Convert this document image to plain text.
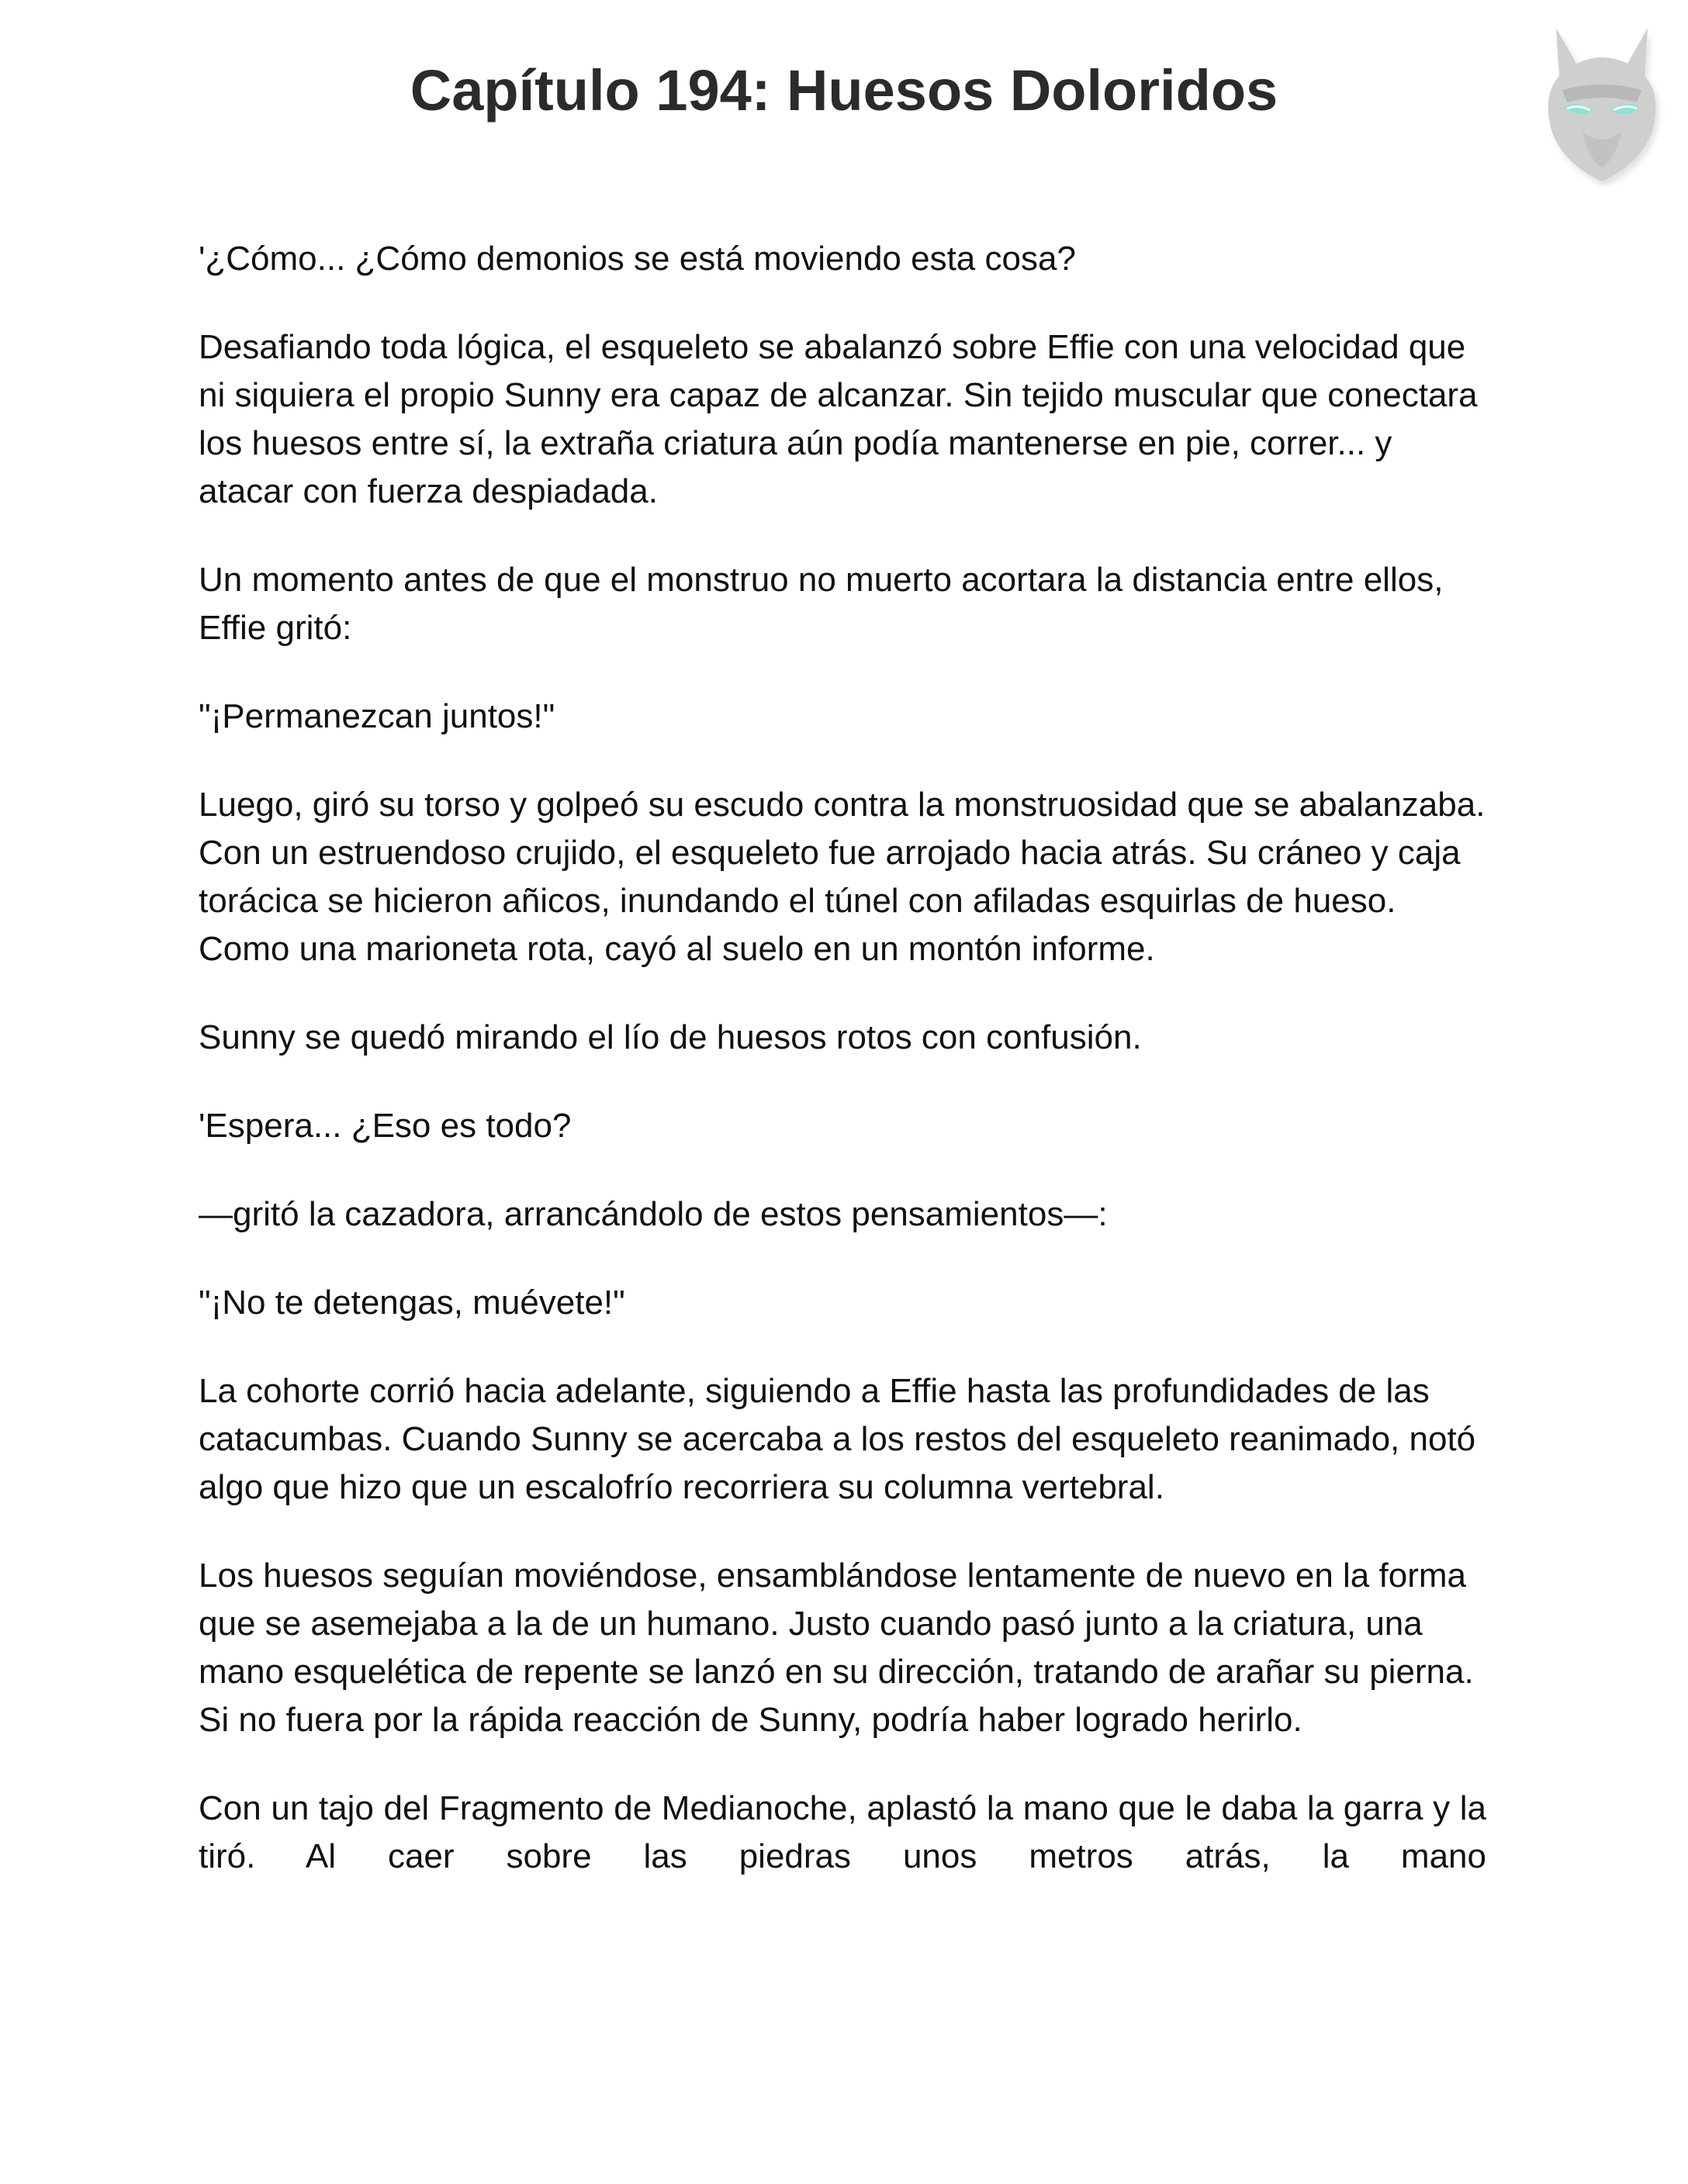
Capítulo 194: Huesos Doloridos

'¿Cómo... ¿Cómo demonios se está moviendo esta cosa?

Desafiando toda lógica, el esqueleto se abalanzó sobre Effie con una velocidad que ni siquiera el propio Sunny era capaz de alcanzar. Sin tejido muscular que conectara los huesos entre sí, la extraña criatura aún podía mantenerse en pie, correr... y atacar con fuerza despiadada.

Un momento antes de que el monstruo no muerto acortara la distancia entre ellos, Effie gritó:

"¡Permanezcan juntos!"

Luego, giró su torso y golpeó su escudo contra la monstruosidad que se abalanzaba. Con un estruendoso crujido, el esqueleto fue arrojado hacia atrás. Su cráneo y caja torácica se hicieron añicos, inundando el túnel con afiladas esquirlas de hueso. Como una marioneta rota, cayó al suelo en un montón informe.

Sunny se quedó mirando el lío de huesos rotos con confusión.

'Espera... ¿Eso es todo?

—gritó la cazadora, arrancándolo de estos pensamientos—:

"¡No te detengas, muévete!"

La cohorte corrió hacia adelante, siguiendo a Effie hasta las profundidades de las catacumbas. Cuando Sunny se acercaba a los restos del esqueleto reanimado, notó algo que hizo que un escalofrío recorriera su columna vertebral.

Los huesos seguían moviéndose, ensamblándose lentamente de nuevo en la forma que se asemejaba a la de un humano. Justo cuando pasó junto a la criatura, una mano esquelética de repente se lanzó en su dirección, tratando de arañar su pierna. Si no fuera por la rápida reacción de Sunny, podría haber logrado herirlo.

Con un tajo del Fragmento de Medianoche, aplastó la mano que le daba la garra y la tiró. Al caer sobre las piedras unos metros atrás, la mano
